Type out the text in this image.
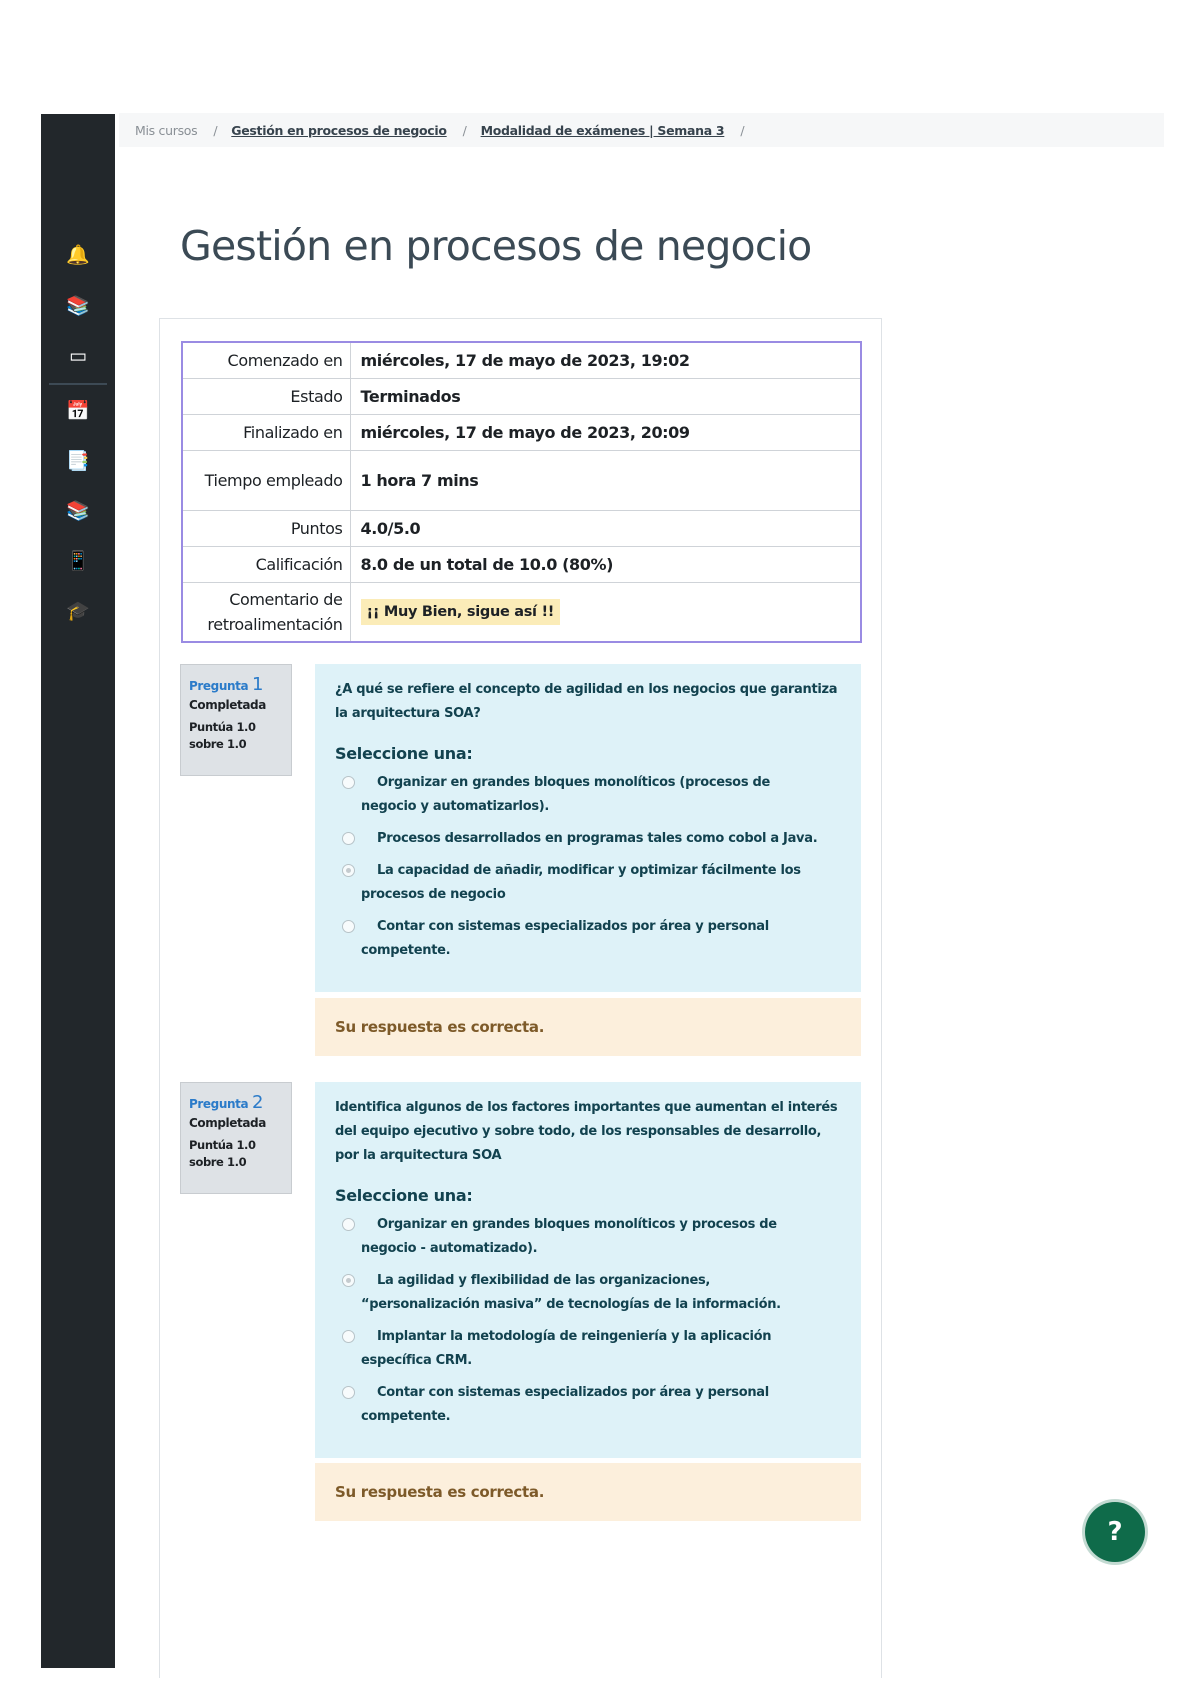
🔔
📚
▭
📅
📑
📚
📱
🎓
Mis cursos / Gestión en procesos de negocio / Modalidad de exámenes | Semana 3 /
Gestión en procesos de negocio
Comenzado en	miércoles, 17 de mayo de 2023, 19:02
Estado	Terminados
Finalizado en	miércoles, 17 de mayo de 2023, 20:09
Tiempo empleado	1 hora 7 mins
Puntos	4.0/5.0
Calificación	8.0 de un total de 10.0 (80%)
Comentario de retroalimentación	¡¡ Muy Bien, sigue así !!
Pregunta 1
Completada
Puntúa 1.0 sobre 1.0
¿A qué se refiere el concepto de agilidad en los negocios que garantiza la arquitectura SOA?
Seleccione una:
Organizar en grandes bloques monolíticos (procesos de negocio y automatizarlos).
Procesos desarrollados en programas tales como cobol a Java.
La capacidad de añadir, modificar y optimizar fácilmente los procesos de negocio
Contar con sistemas especializados por área y personal competente.
Su respuesta es correcta.
Pregunta 2
Completada
Puntúa 1.0 sobre 1.0
Identifica algunos de los factores importantes que aumentan el interés del equipo ejecutivo y sobre todo, de los responsables de desarrollo, por la arquitectura SOA
Seleccione una:
Organizar en grandes bloques monolíticos y procesos de negocio - automatizado).
La agilidad y flexibilidad de las organizaciones, “personalización masiva” de tecnologías de la información.
Implantar la metodología de reingeniería y la aplicación específica CRM.
Contar con sistemas especializados por área y personal competente.
Su respuesta es correcta.
?
